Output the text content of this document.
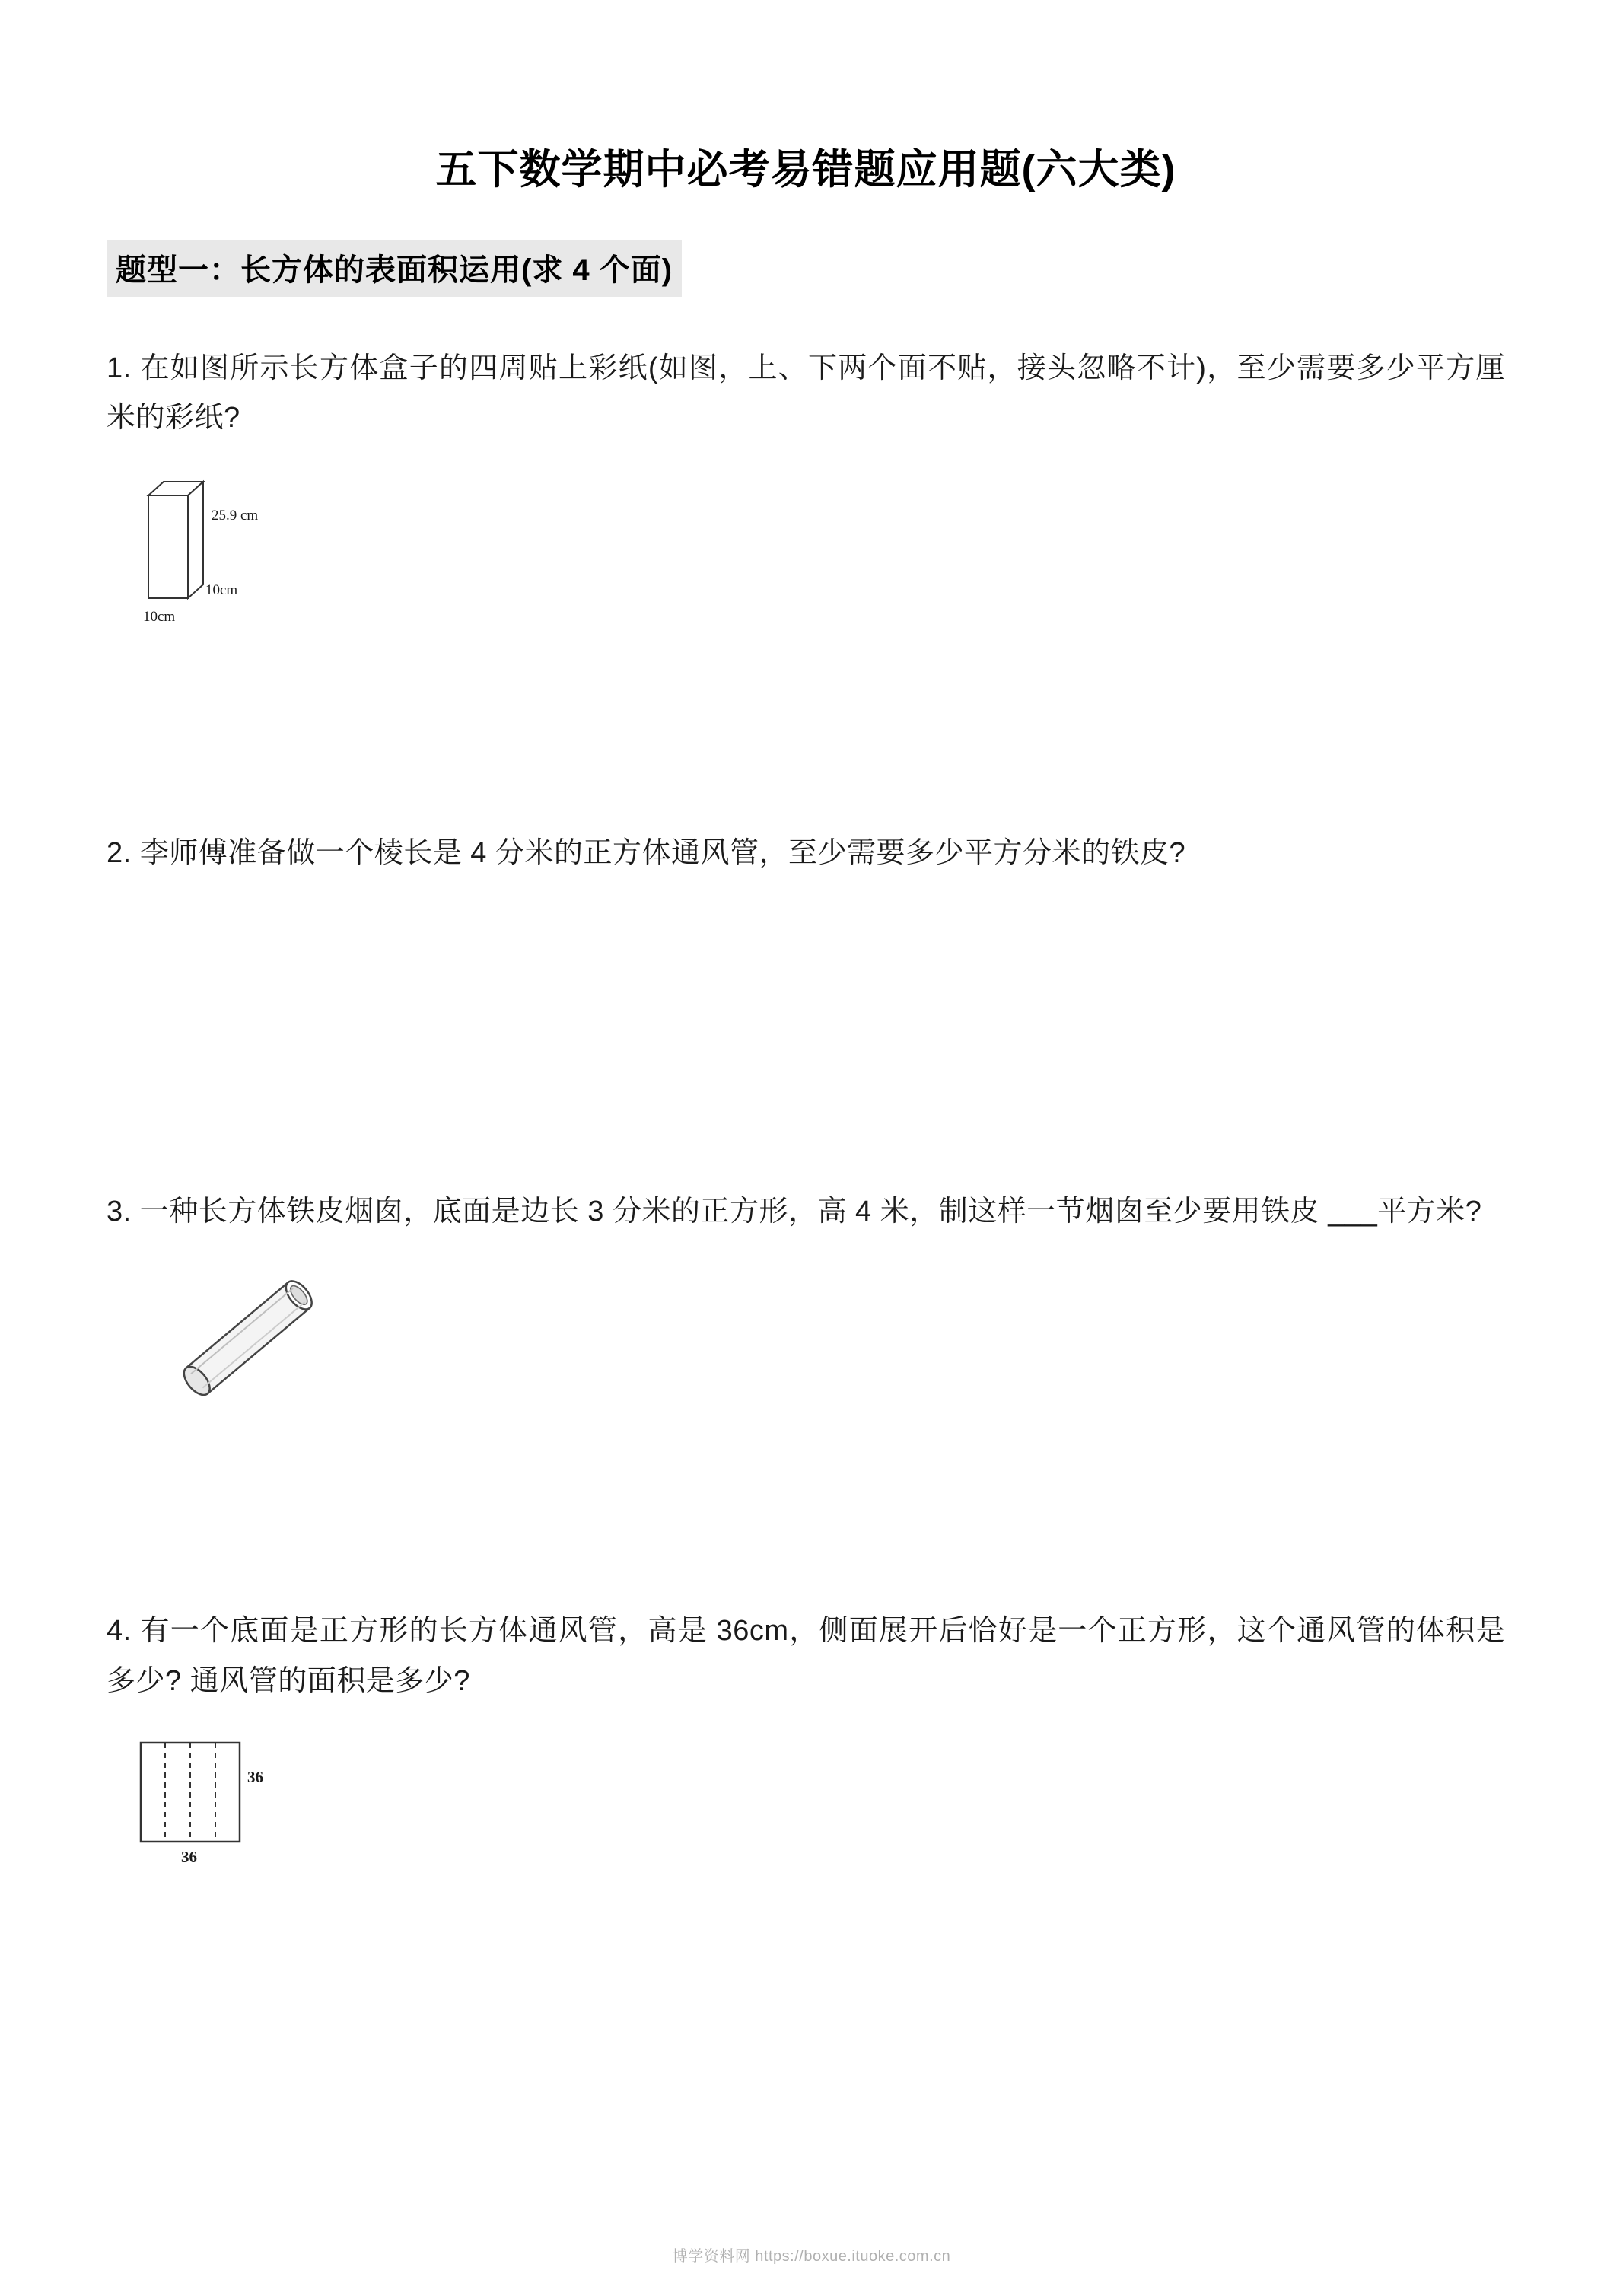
五下数学期中必考易错题应用题(六大类)
题型一：长方体的表面积运用(求 4 个面)

1. 在如图所示长方体盒子的四周贴上彩纸(如图，上、下两个面不贴，接头忽略不计)，至少需要多少平方厘米的彩纸?

25.9 cm
10cm
10cm

2. 李师傅准备做一个棱长是 4 分米的正方体通风管，至少需要多少平方分米的铁皮?

3. 一种长方体铁皮烟囱，底面是边长 3 分米的正方形，高 4 米，制这样一节烟囱至少要用铁皮 ___平方米?

4. 有一个底面是正方形的长方体通风管，高是 36cm，侧面展开后恰好是一个正方形，这个通风管的体积是多少? 通风管的面积是多少?

36
36
博学资料网 https://boxue.ituoke.com.cn
